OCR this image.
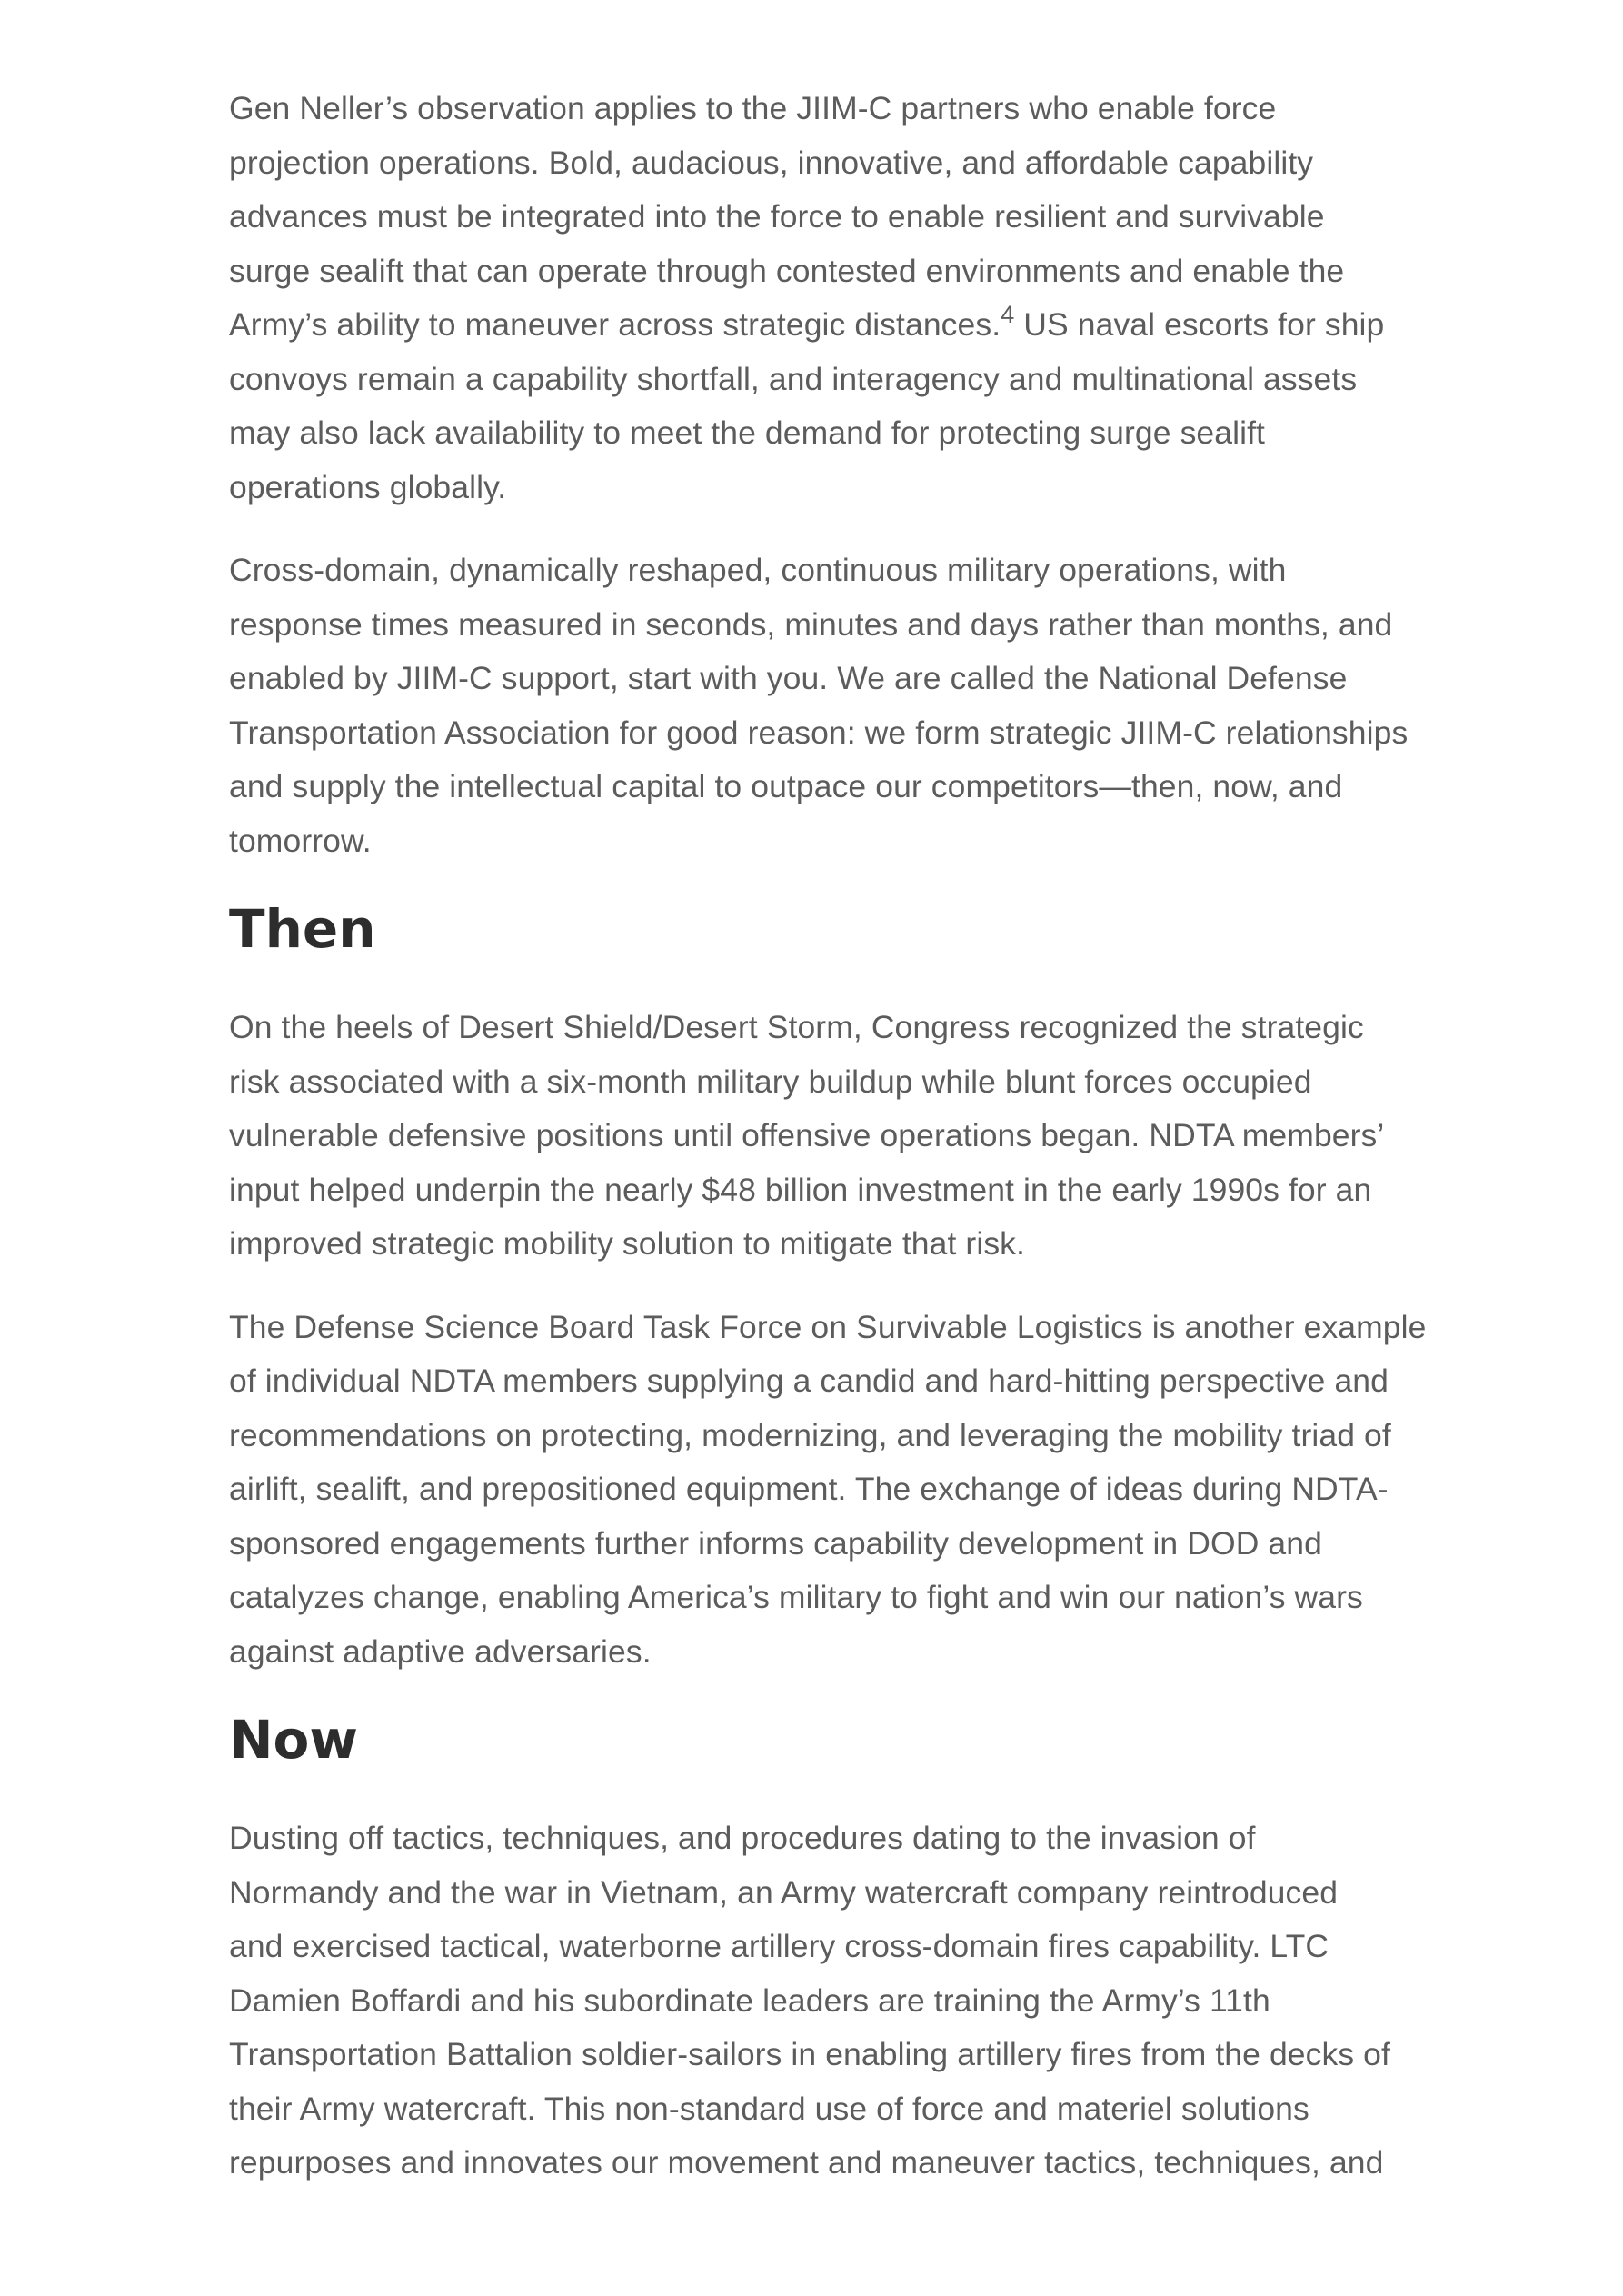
Gen Neller’s observation applies to the JIIM-C partners who enable force
projection operations. Bold, audacious, innovative, and affordable capability
advances must be integrated into the force to enable resilient and survivable
surge sealift that can operate through contested environments and enable the
Army’s ability to maneuver across strategic distances.$^4$ US naval escorts for ship
convoys remain a capability shortfall, and interagency and multinational assets
may also lack availability to meet the demand for protecting surge sealift
operations globally.

Cross-domain, dynamically reshaped, continuous military operations, with
response times measured in seconds, minutes and days rather than months, and
enabled by JIIM-C support, start with you. We are called the National Defense
Transportation Association for good reason: we form strategic JIIM-C relationships
and supply the intellectual capital to outpace our competitors—then, now, and
tomorrow.

Then

On the heels of Desert Shield/Desert Storm, Congress recognized the strategic
risk associated with a six-month military buildup while blunt forces occupied
vulnerable defensive positions until offensive operations began. NDTA members’
input helped underpin the nearly $48 billion investment in the early 1990s for an
improved strategic mobility solution to mitigate that risk.

The Defense Science Board Task Force on Survivable Logistics is another example
of individual NDTA members supplying a candid and hard-hitting perspective and
recommendations on protecting, modernizing, and leveraging the mobility triad of
airlift, sealift, and prepositioned equipment. The exchange of ideas during NDTA-
sponsored engagements further informs capability development in DOD and
catalyzes change, enabling America’s military to fight and win our nation’s wars
against adaptive adversaries.

Now

Dusting off tactics, techniques, and procedures dating to the invasion of
Normandy and the war in Vietnam, an Army watercraft company reintroduced
and exercised tactical, waterborne artillery cross-domain fires capability. LTC
Damien Boffardi and his subordinate leaders are training the Army’s 11th
Transportation Battalion soldier-sailors in enabling artillery fires from the decks of
their Army watercraft. This non-standard use of force and materiel solutions
repurposes and innovates our movement and maneuver tactics, techniques, and
